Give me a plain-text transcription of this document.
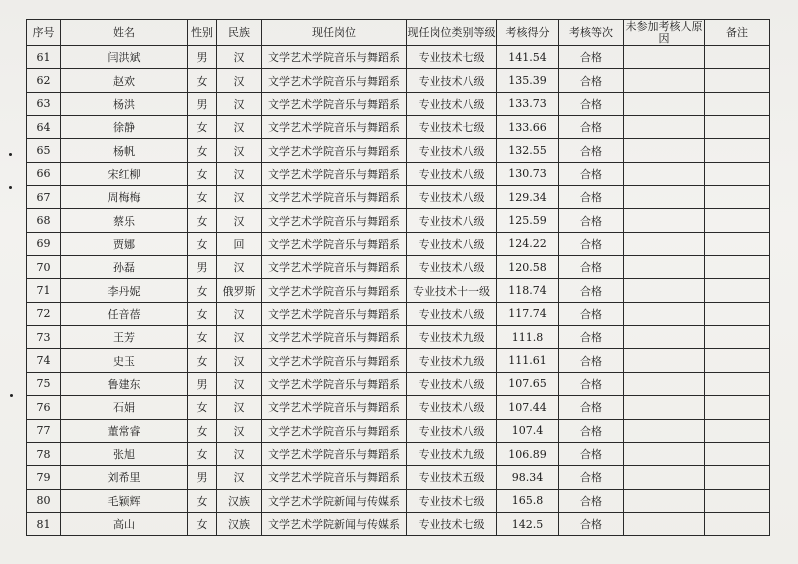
序号	姓名	性别	民族	现任岗位	现任岗位类别等级	考核得分	考核等次	未参加考核人原因	备注
61	闫洪斌	男	汉	文学艺术学院音乐与舞蹈系	专业技术七级	141.54	合格		
62	赵欢	女	汉	文学艺术学院音乐与舞蹈系	专业技术八级	135.39	合格		
63	杨洪	男	汉	文学艺术学院音乐与舞蹈系	专业技术八级	133.73	合格		
64	徐静	女	汉	文学艺术学院音乐与舞蹈系	专业技术七级	133.66	合格		
65	杨帆	女	汉	文学艺术学院音乐与舞蹈系	专业技术八级	132.55	合格		
66	宋红柳	女	汉	文学艺术学院音乐与舞蹈系	专业技术八级	130.73	合格		
67	周梅梅	女	汉	文学艺术学院音乐与舞蹈系	专业技术八级	129.34	合格		
68	蔡乐	女	汉	文学艺术学院音乐与舞蹈系	专业技术八级	125.59	合格		
69	贾娜	女	回	文学艺术学院音乐与舞蹈系	专业技术八级	124.22	合格		
70	孙磊	男	汉	文学艺术学院音乐与舞蹈系	专业技术八级	120.58	合格		
71	李丹妮	女	俄罗斯	文学艺术学院音乐与舞蹈系	专业技术十一级	118.74	合格		
72	任音蓓	女	汉	文学艺术学院音乐与舞蹈系	专业技术八级	117.74	合格		
73	王芳	女	汉	文学艺术学院音乐与舞蹈系	专业技术九级	111.8	合格		
74	史玉	女	汉	文学艺术学院音乐与舞蹈系	专业技术九级	111.61	合格		
75	鲁建东	男	汉	文学艺术学院音乐与舞蹈系	专业技术八级	107.65	合格		
76	石娟	女	汉	文学艺术学院音乐与舞蹈系	专业技术八级	107.44	合格		
77	董常睿	女	汉	文学艺术学院音乐与舞蹈系	专业技术八级	107.4	合格		
78	张旭	女	汉	文学艺术学院音乐与舞蹈系	专业技术九级	106.89	合格		
79	刘希里	男	汉	文学艺术学院音乐与舞蹈系	专业技术五级	98.34	合格		
80	毛颖辉	女	汉族	文学艺术学院新闻与传媒系	专业技术七级	165.8	合格		
81	高山	女	汉族	文学艺术学院新闻与传媒系	专业技术七级	142.5	合格		
